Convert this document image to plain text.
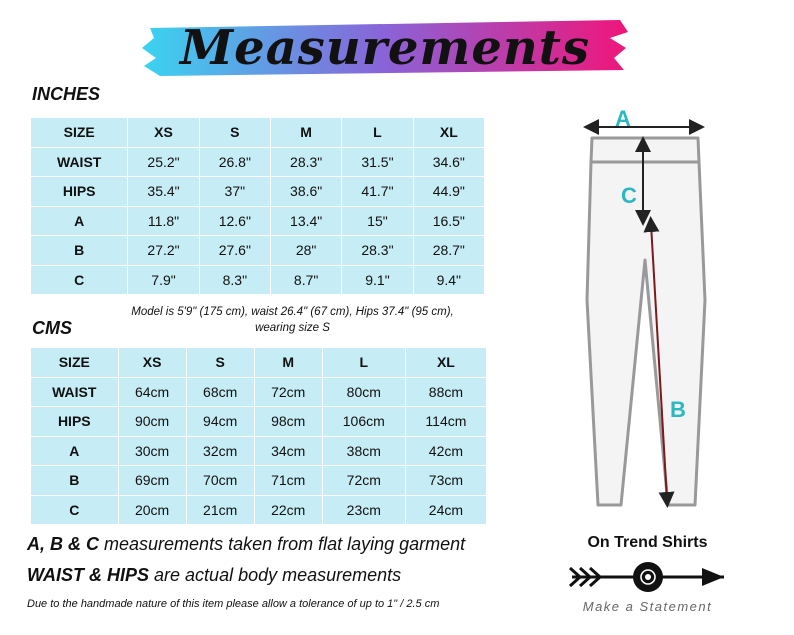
Measurements
INCHES
SIZE	XS	S	M	L	XL
WAIST	25.2"	26.8"	28.3"	31.5"	34.6"
HIPS	35.4"	37"	38.6"	41.7"	44.9"
A	11.8"	12.6"	13.4"	15"	16.5"
B	27.2"	27.6"	28"	28.3"	28.7"
C	7.9"	8.3"	8.7"	9.1"	9.4"
Model is 5'9" (175 cm), waist 26.4" (67 cm), Hips 37.4" (95 cm),
wearing size S
CMS
SIZE	XS	S	M	L	XL
WAIST	64cm	68cm	72cm	80cm	88cm
HIPS	90cm	94cm	98cm	106cm	114cm
A	30cm	32cm	34cm	38cm	42cm
B	69cm	70cm	71cm	72cm	73cm
C	20cm	21cm	22cm	23cm	24cm
A, B & C measurements taken from flat laying garment
WAIST & HIPS are actual body measurements
Due to the handmade nature of this item please allow a tolerance of up to 1" / 2.5 cm
A
C
B
On Trend Shirts
Make a Statement
